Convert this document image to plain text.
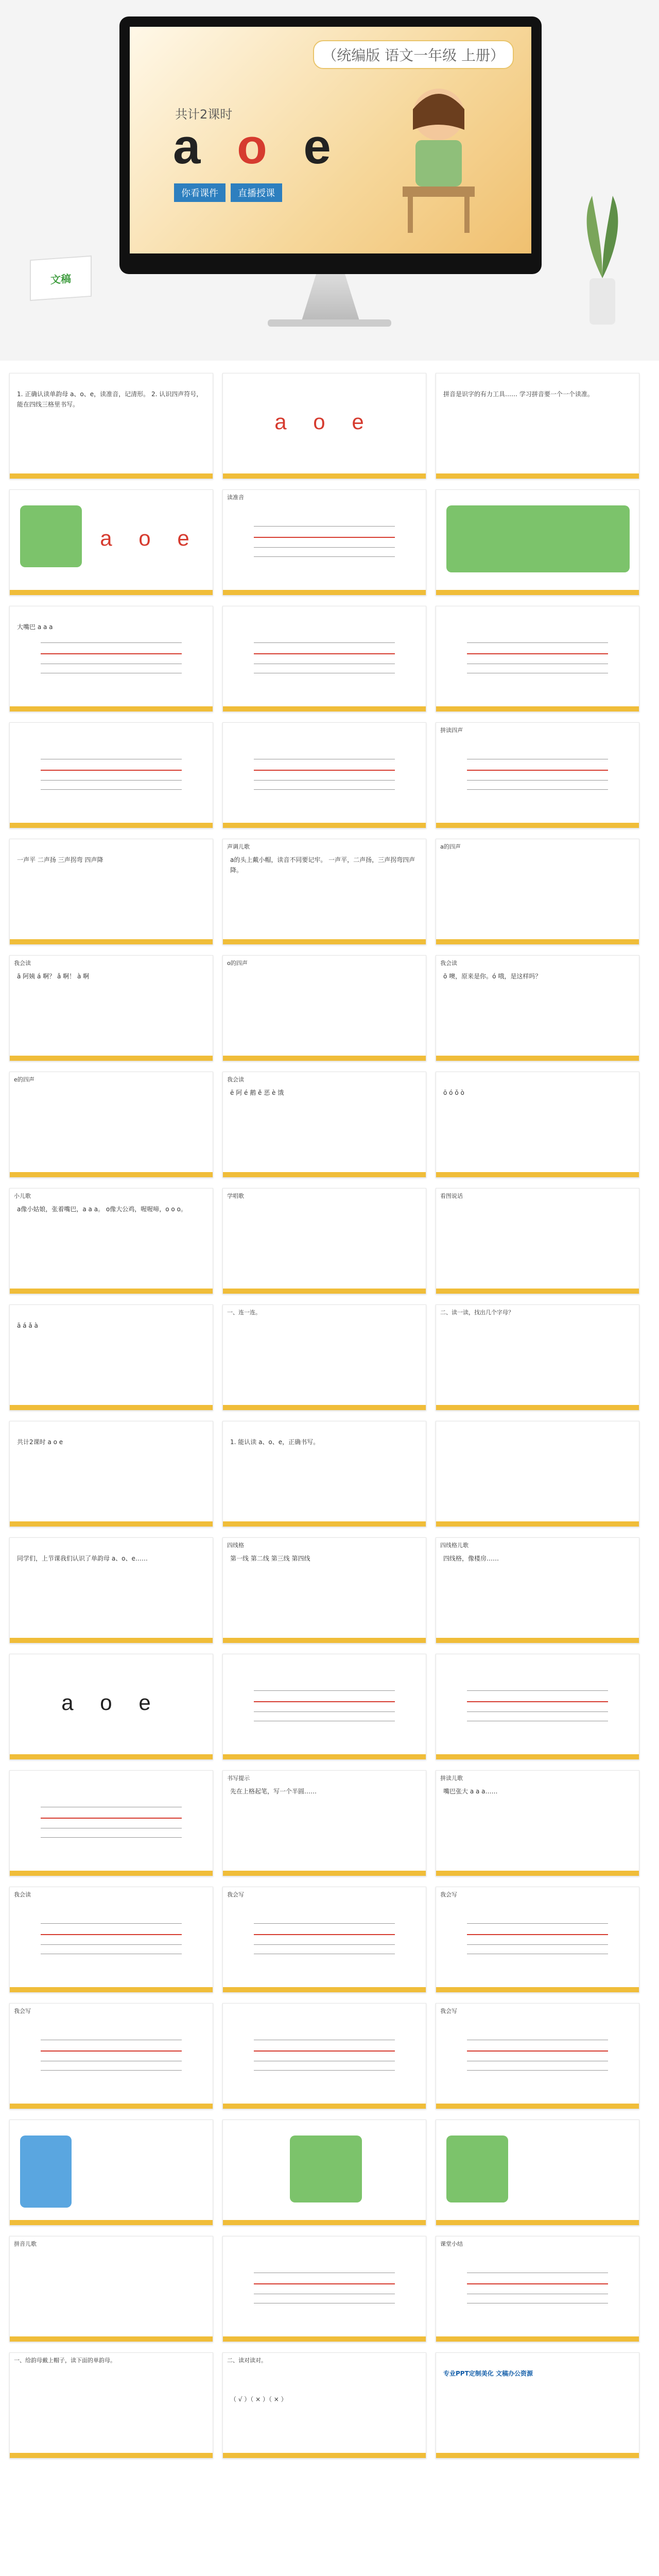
（统编版 语文一年级 上册）
共计2课时
a o e
你看课件	直播授课
文稿
1. 正确认读单韵母 a、o、e，读准音，记清形。 2. 认识四声符号，能在四线三格里书写。
a o e
拼音是识字的有力工具…… 学习拼音要一个一个读准。
a o e
读准音
大嘴巴 a a a
拼读四声
一声平 二声扬 三声拐弯 四声降
声调儿歌
a的头上戴小帽，读音不同要记牢。 一声平，二声扬，三声拐弯四声降。
a的四声
我会读
ā 阿姨 á 啊？ ǎ 啊！ à 啊
o的四声	我会读
ō 噢，原来是你。ó 哦，是这样吗？
e的四声	我会读
ē 阿 é 鹅 ě 恶 è 饿	ō ó ǒ ò
小儿歌
a像小姑娘，张着嘴巴，a a a。 o像大公鸡，喔喔啼，o o o。
学唱歌	看图说话
ā á ǎ à
一、连一连。	二、读一读，找出几个字母？
共计2课时 a o e	1. 能认读 a、o、e，正确书写。
同学们，上节课我们认识了单韵母 a、o、e……
四线格
第一线 第二线 第三线 第四线
四线格儿歌
四线格，像楼房……
a o e
书写提示
先在上格起笔，写一个半圆……
拼读儿歌
嘴巴张大 a a a……
我会读	我会写	我会写
我会写	我会写
拼音儿歌	课堂小结
一、给韵母戴上帽子，读下面的单韵母。	二、读对读对。
（ √ ）（ × ）（ × ）
专业PPT定制美化 文稿办公资源
